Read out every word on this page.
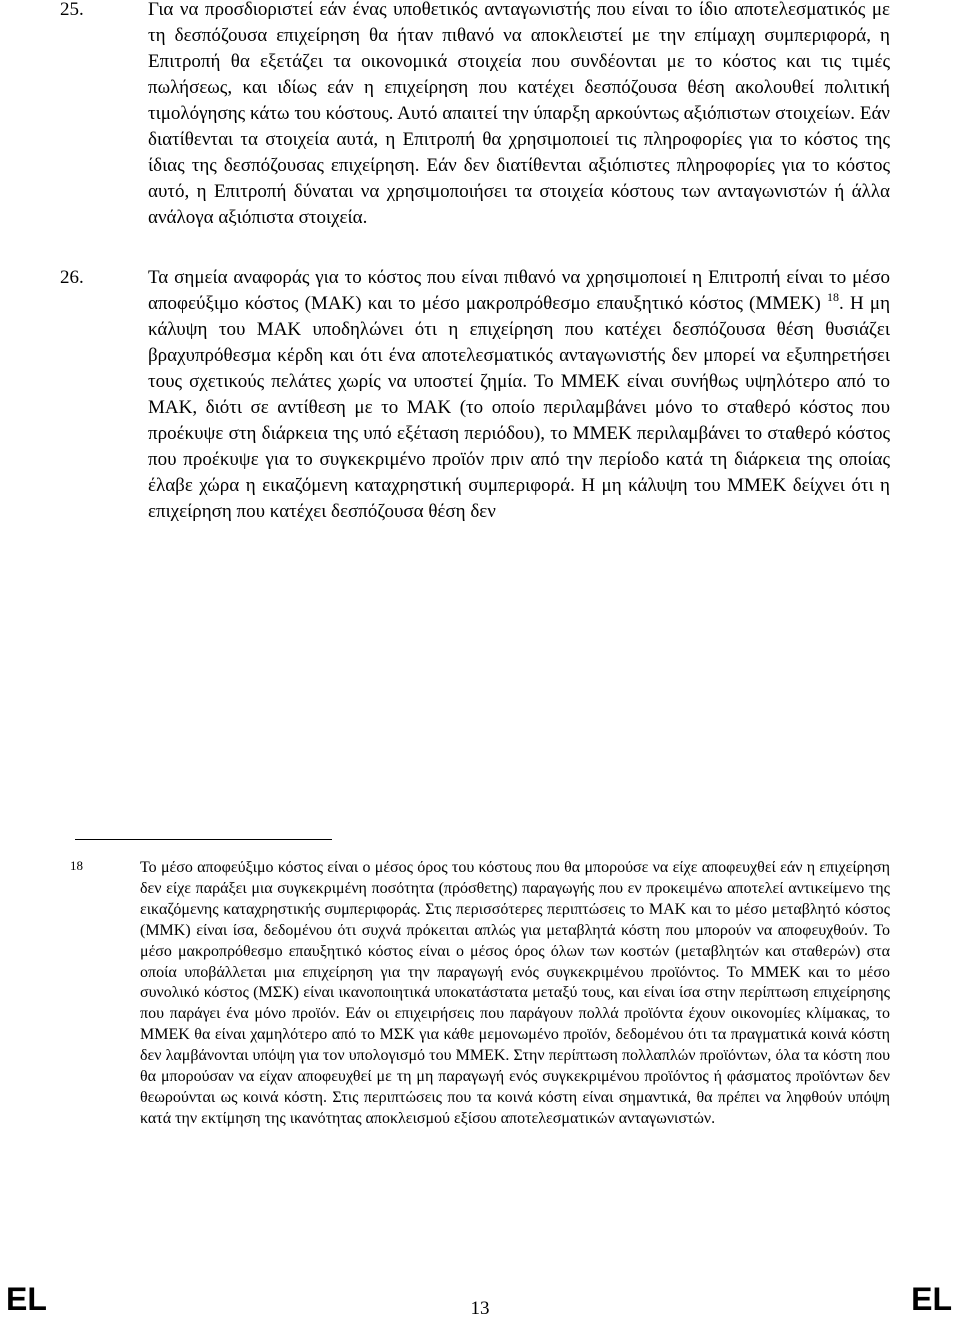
25.	Για να προσδιοριστεί εάν ένας υποθετικός ανταγωνιστής που είναι το ίδιο αποτελεσματικός με τη δεσπόζουσα επιχείρηση θα ήταν πιθανό να αποκλειστεί με την επίμαχη συμπεριφορά, η Επιτροπή θα εξετάζει τα οικονομικά στοιχεία που συνδέονται με το κόστος και τις τιμές πωλήσεως, και ιδίως εάν η επιχείρηση που κατέχει δεσπόζουσα θέση ακολουθεί πολιτική τιμολόγησης κάτω του κόστους. Αυτό απαιτεί την ύπαρξη αρκούντως αξιόπιστων στοιχείων. Εάν διατίθενται τα στοιχεία αυτά, η Επιτροπή θα χρησιμοποιεί τις πληροφορίες για το κόστος της ίδιας της δεσπόζουσας επιχείρηση. Εάν δεν διατίθενται αξιόπιστες πληροφορίες για το κόστος αυτό, η Επιτροπή δύναται να χρησιμοποιήσει τα στοιχεία κόστους των ανταγωνιστών ή άλλα ανάλογα αξιόπιστα στοιχεία.

26.	Τα σημεία αναφοράς για το κόστος που είναι πιθανό να χρησιμοποιεί η Επιτροπή είναι το μέσο αποφεύξιμο κόστος (ΜΑΚ) και το μέσο μακροπρόθεσμο επαυξητικό κόστος (ΜΜΕΚ) $^{18}$. Η μη κάλυψη του ΜΑΚ υποδηλώνει ότι η επιχείρηση που κατέχει δεσπόζουσα θέση θυσιάζει βραχυπρόθεσμα κέρδη και ότι ένα αποτελεσματικός ανταγωνιστής δεν μπορεί να εξυπηρετήσει τους σχετικούς πελάτες χωρίς να υποστεί ζημία. Το ΜΜΕΚ είναι συνήθως υψηλότερο από το ΜΑΚ, διότι σε αντίθεση με το ΜΑΚ (το οποίο περιλαμβάνει μόνο το σταθερό κόστος που προέκυψε στη διάρκεια της υπό εξέταση περιόδου), το ΜΜΕΚ περιλαμβάνει το σταθερό κόστος που προέκυψε για το συγκεκριμένο προϊόν πριν από την περίοδο κατά τη διάρκεια της οποίας έλαβε χώρα η εικαζόμενη καταχρηστική συμπεριφορά. Η μη κάλυψη του ΜΜΕΚ δείχνει ότι η επιχείρηση που κατέχει δεσπόζουσα θέση δεν

18	Το μέσο αποφεύξιμο κόστος είναι ο μέσος όρος του κόστους που θα μπορούσε να είχε αποφευχθεί εάν η επιχείρηση δεν είχε παράξει μια συγκεκριμένη ποσότητα (πρόσθετης) παραγωγής που εν προκειμένω αποτελεί αντικείμενο της εικαζόμενης καταχρηστικής συμπεριφοράς. Στις περισσότερες περιπτώσεις το ΜΑΚ και το μέσο μεταβλητό κόστος (ΜΜΚ) είναι ίσα, δεδομένου ότι συχνά πρόκειται απλώς για μεταβλητά κόστη που μπορούν να αποφευχθούν. Το μέσο μακροπρόθεσμο επαυξητικό κόστος είναι ο μέσος όρος όλων των κοστών (μεταβλητών και σταθερών) στα οποία υποβάλλεται μια επιχείρηση για την παραγωγή ενός συγκεκριμένου προϊόντος. Το ΜΜΕΚ και το μέσο συνολικό κόστος (ΜΣΚ) είναι ικανοποιητικά υποκατάστατα μεταξύ τους, και είναι ίσα στην περίπτωση επιχείρησης που παράγει ένα μόνο προϊόν. Εάν οι επιχειρήσεις που παράγουν πολλά προϊόντα έχουν οικονομίες κλίμακας, το ΜΜΕΚ θα είναι χαμηλότερο από το ΜΣΚ για κάθε μεμονωμένο προϊόν, δεδομένου ότι τα πραγματικά κοινά κόστη δεν λαμβάνονται υπόψη για τον υπολογισμό του ΜΜΕΚ. Στην περίπτωση πολλαπλών προϊόντων, όλα τα κόστη που θα μπορούσαν να είχαν αποφευχθεί με τη μη παραγωγή ενός συγκεκριμένου προϊόντος ή φάσματος προϊόντων δεν θεωρούνται ως κοινά κόστη. Στις περιπτώσεις που τα κοινά κόστη είναι σημαντικά, θα πρέπει να ληφθούν υπόψη κατά την εκτίμηση της ικανότητας αποκλεισμού εξίσου αποτελεσματικών ανταγωνιστών.

EL	13	EL
